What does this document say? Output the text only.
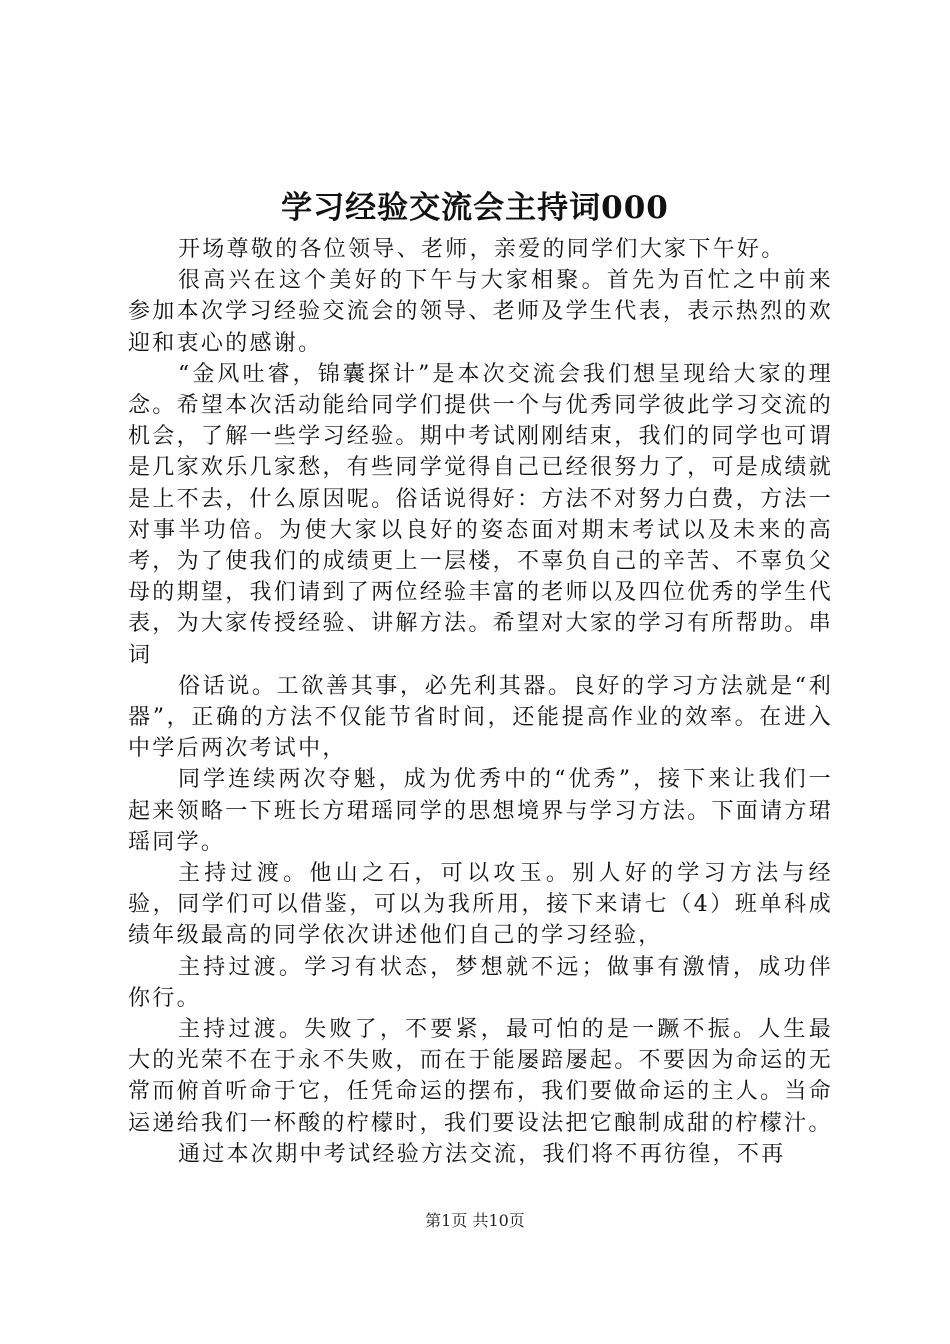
学习经验交流会主持词000

开场尊敬的各位领导、老师，亲爱的同学们大家下午好。

很高兴在这个美好的下午与大家相聚。首先为百忙之中前来参加本次学习经验交流会的领导、老师及学生代表，表示热烈的欢迎和衷心的感谢。

“金风吐睿，锦囊探计”是本次交流会我们想呈现给大家的理念。希望本次活动能给同学们提供一个与优秀同学彼此学习交流的机会，了解一些学习经验。期中考试刚刚结束，我们的同学也可谓是几家欢乐几家愁，有些同学觉得自己已经很努力了，可是成绩就是上不去，什么原因呢。俗话说得好：方法不对努力白费，方法一对事半功倍。为使大家以良好的姿态面对期末考试以及未来的高考，为了使我们的成绩更上一层楼，不辜负自己的辛苦、不辜负父母的期望，我们请到了两位经验丰富的老师以及四位优秀的学生代表，为大家传授经验、讲解方法。希望对大家的学习有所帮助。串词

俗话说。工欲善其事，必先利其器。良好的学习方法就是“利器”，正确的方法不仅能节省时间，还能提高作业的效率。在进入中学后两次考试中，

同学连续两次夺魁，成为优秀中的“优秀”，接下来让我们一起来领略一下班长方珺瑶同学的思想境界与学习方法。下面请方珺瑶同学。

主持过渡。他山之石，可以攻玉。别人好的学习方法与经验，同学们可以借鉴，可以为我所用，接下来请七（4）班单科成绩年级最高的同学依次讲述他们自己的学习经验，

主持过渡。学习有状态，梦想就不远；做事有激情，成功伴你行。

主持过渡。失败了，不要紧，最可怕的是一蹶不振。人生最大的光荣不在于永不失败，而在于能屡踣屡起。不要因为命运的无常而俯首听命于它，任凭命运的摆布，我们要做命运的主人。当命运递给我们一杯酸的柠檬时，我们要设法把它酿制成甜的柠檬汁。

通过本次期中考试经验方法交流，我们将不再彷徨，不再

第1页 共10页
